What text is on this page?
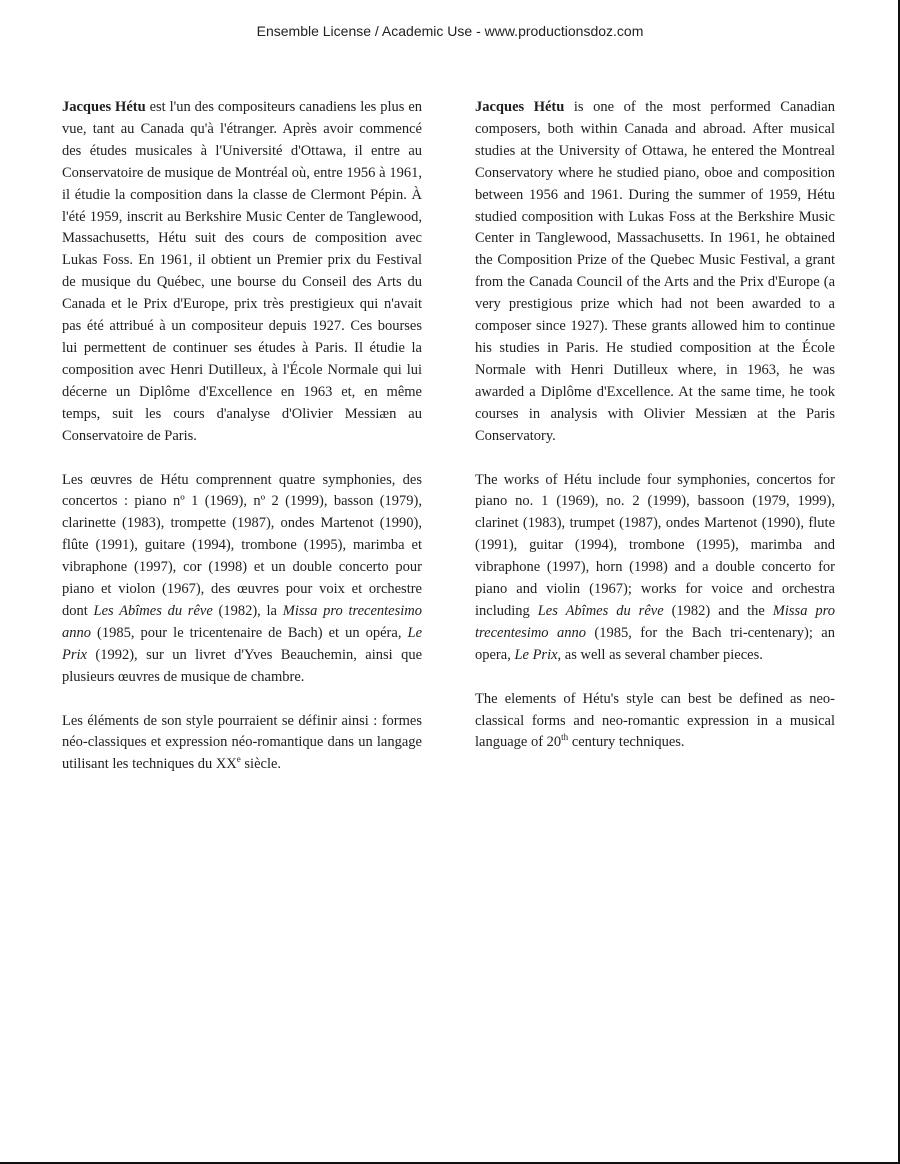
Ensemble License / Academic Use - www.productionsdoz.com

Jacques Hétu est l'un des compositeurs canadiens les plus en vue, tant au Canada qu'à l'étranger. Après avoir commencé des études musicales à l'Université d'Ottawa, il entre au Conservatoire de musique de Montréal où, entre 1956 à 1961, il étudie la composition dans la classe de Clermont Pépin. À l'été 1959, inscrit au Berkshire Music Center de Tanglewood, Massachusetts, Hétu suit des cours de composition avec Lukas Foss. En 1961, il obtient un Premier prix du Festival de musique du Québec, une bourse du Conseil des Arts du Canada et le Prix d'Europe, prix très prestigieux qui n'avait pas été attribué à un compositeur depuis 1927. Ces bourses lui permettent de continuer ses études à Paris. Il étudie la composition avec Henri Dutilleux, à l'École Normale qui lui décerne un Diplôme d'Excellence en 1963 et, en même temps, suit les cours d'analyse d'Olivier Messiæn au Conservatoire de Paris.

Les œuvres de Hétu comprennent quatre symphonies, des concertos : piano nº 1 (1969), nº 2 (1999), basson (1979), clarinette (1983), trompette (1987), ondes Martenot (1990), flûte (1991), guitare (1994), trombone (1995), marimba et vibraphone (1997), cor (1998) et un double concerto pour piano et violon (1967), des œuvres pour voix et orchestre dont Les Abîmes du rêve (1982), la Missa pro trecentesimo anno (1985, pour le tricentenaire de Bach) et un opéra, Le Prix (1992), sur un livret d'Yves Beauchemin, ainsi que plusieurs œuvres de musique de chambre.

Les éléments de son style pourraient se définir ainsi : formes néo-classiques et expression néo-romantique dans un langage utilisant les techniques du XXe siècle.

Jacques Hétu is one of the most performed Canadian composers, both within Canada and abroad. After musical studies at the University of Ottawa, he entered the Montreal Conservatory where he studied piano, oboe and composition between 1956 and 1961. During the summer of 1959, Hétu studied composition with Lukas Foss at the Berkshire Music Center in Tanglewood, Massachusetts. In 1961, he obtained the Composition Prize of the Quebec Music Festival, a grant from the Canada Council of the Arts and the Prix d'Europe (a very prestigious prize which had not been awarded to a composer since 1927). These grants allowed him to continue his studies in Paris. He studied composition at the École Normale with Henri Dutilleux where, in 1963, he was awarded a Diplôme d'Excellence. At the same time, he took courses in analysis with Olivier Messiæn at the Paris Conservatory.

The works of Hétu include four symphonies, concertos for piano no. 1 (1969), no. 2 (1999), bassoon (1979, 1999), clarinet (1983), trumpet (1987), ondes Martenot (1990), flute (1991), guitar (1994), trombone (1995), marimba and vibraphone (1997), horn (1998) and a double concerto for piano and violin (1967); works for voice and orchestra including Les Abîmes du rêve (1982) and the Missa pro trecentesimo anno (1985, for the Bach tri-centenary); an opera, Le Prix, as well as several chamber pieces.

The elements of Hétu's style can best be defined as neo-classical forms and neo-romantic expression in a musical language of 20th century techniques.
